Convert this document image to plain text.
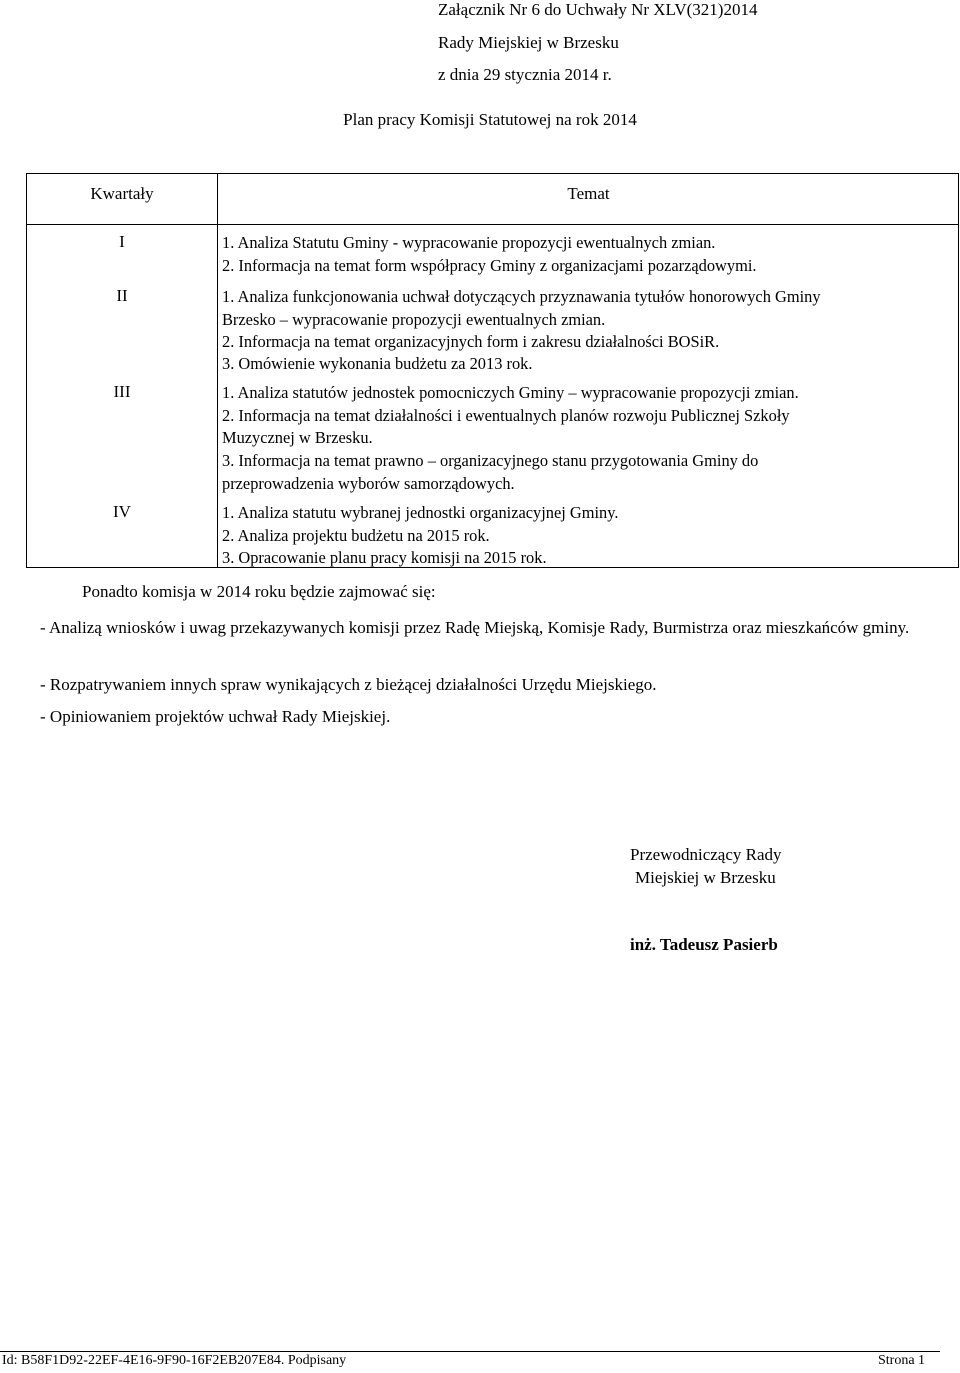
Załącznik Nr 6 do Uchwały Nr XLV(321)2014
Rady Miejskiej w Brzesku
z dnia 29 stycznia 2014 r.
Plan pracy Komisji Statutowej na rok 2014
Kwartały	Temat
I	1. Analiza Statutu Gminy - wypracowanie propozycji ewentualnych zmian.
2. Informacja na temat form współpracy Gminy z organizacjami pozarządowymi.
II	1. Analiza funkcjonowania uchwał dotyczących przyznawania tytułów honorowych Gminy
Brzesko – wypracowanie propozycji ewentualnych zmian.
2. Informacja na temat organizacyjnych form i zakresu działalności BOSiR.
3. Omówienie wykonania budżetu za 2013 rok.
III	1. Analiza statutów jednostek pomocniczych Gminy – wypracowanie propozycji zmian.
2. Informacja na temat działalności i ewentualnych planów rozwoju Publicznej Szkoły
Muzycznej w Brzesku.
3. Informacja na temat prawno – organizacyjnego stanu przygotowania Gminy do
przeprowadzenia wyborów samorządowych.
IV	1. Analiza statutu wybranej jednostki organizacyjnej Gminy.
2. Analiza projektu budżetu na 2015 rok.
3. Opracowanie planu pracy komisji na 2015 rok.
Ponadto komisja w 2014 roku będzie zajmować się:
- Analizą wniosków i uwag przekazywanych komisji przez Radę Miejską, Komisje Rady, Burmistrza oraz mieszkańców gminy.
- Rozpatrywaniem innych spraw wynikających z bieżącej działalności Urzędu Miejskiego.
- Opiniowaniem projektów uchwał Rady Miejskiej.
Przewodniczący Rady
Miejskiej w Brzesku
inż. Tadeusz Pasierb
Id: B58F1D92-22EF-4E16-9F90-16F2EB207E84. Podpisany	Strona 1
